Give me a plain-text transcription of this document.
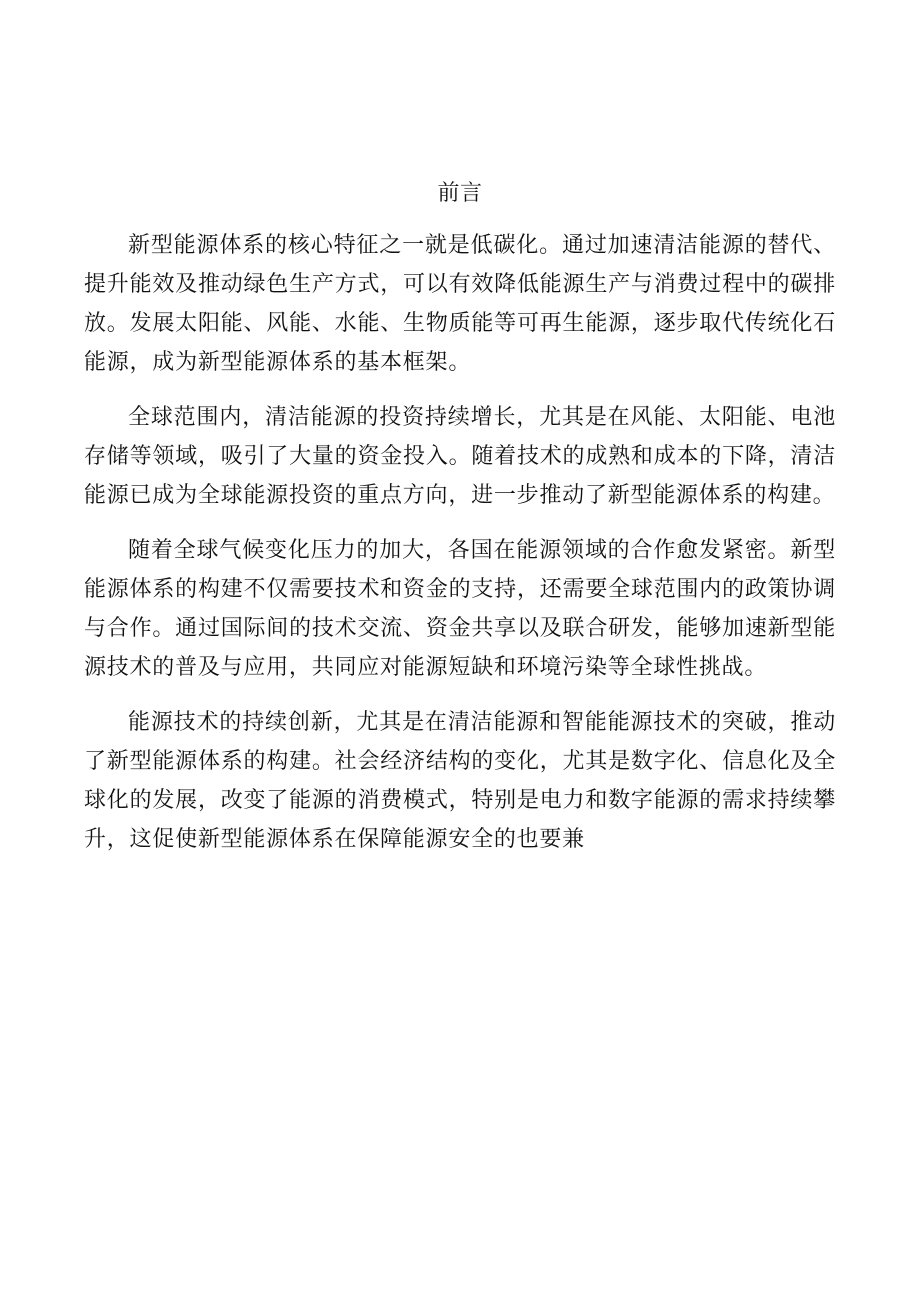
前言

新型能源体系的核心特征之一就是低碳化。通过加速清洁能源的替代、提升能效及推动绿色生产方式，可以有效降低能源生产与消费过程中的碳排放。发展太阳能、风能、水能、生物质能等可再生能源，逐步取代传统化石能源，成为新型能源体系的基本框架。

全球范围内，清洁能源的投资持续增长，尤其是在风能、太阳能、电池存储等领域，吸引了大量的资金投入。随着技术的成熟和成本的下降，清洁能源已成为全球能源投资的重点方向，进一步推动了新型能源体系的构建。

随着全球气候变化压力的加大，各国在能源领域的合作愈发紧密。新型能源体系的构建不仅需要技术和资金的支持，还需要全球范围内的政策协调与合作。通过国际间的技术交流、资金共享以及联合研发，能够加速新型能源技术的普及与应用，共同应对能源短缺和环境污染等全球性挑战。

能源技术的持续创新，尤其是在清洁能源和智能能源技术的突破，推动了新型能源体系的构建。社会经济结构的变化，尤其是数字化、信息化及全球化的发展，改变了能源的消费模式，特别是电力和数字能源的需求持续攀升，这促使新型能源体系在保障能源安全的也要兼
